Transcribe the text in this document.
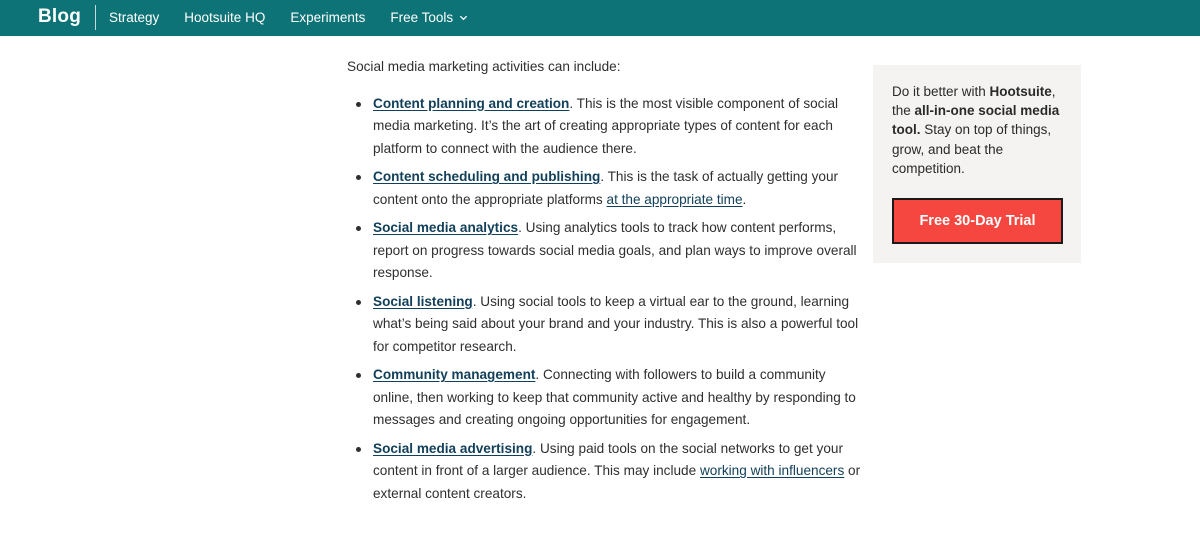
Blog Strategy Hootsuite HQ Experiments Free Tools

Social media marketing activities can include:

Content planning and creation. This is the most visible component of social media marketing. It’s the art of creating appropriate types of content for each platform to connect with the audience there.
Content scheduling and publishing. This is the task of actually getting your content onto the appropriate platforms at the appropriate time.
Social media analytics. Using analytics tools to track how content performs, report on progress towards social media goals, and plan ways to improve overall response.
Social listening. Using social tools to keep a virtual ear to the ground, learning what’s being said about your brand and your industry. This is also a powerful tool for competitor research.
Community management. Connecting with followers to build a community online, then working to keep that community active and healthy by responding to messages and creating ongoing opportunities for engagement.
Social media advertising. Using paid tools on the social networks to get your content in front of a larger audience. This may include working with influencers or external content creators.

Do it better with Hootsuite, the all-in-one social media tool. Stay on top of things, grow, and beat the competition.

Free 30-Day Trial
